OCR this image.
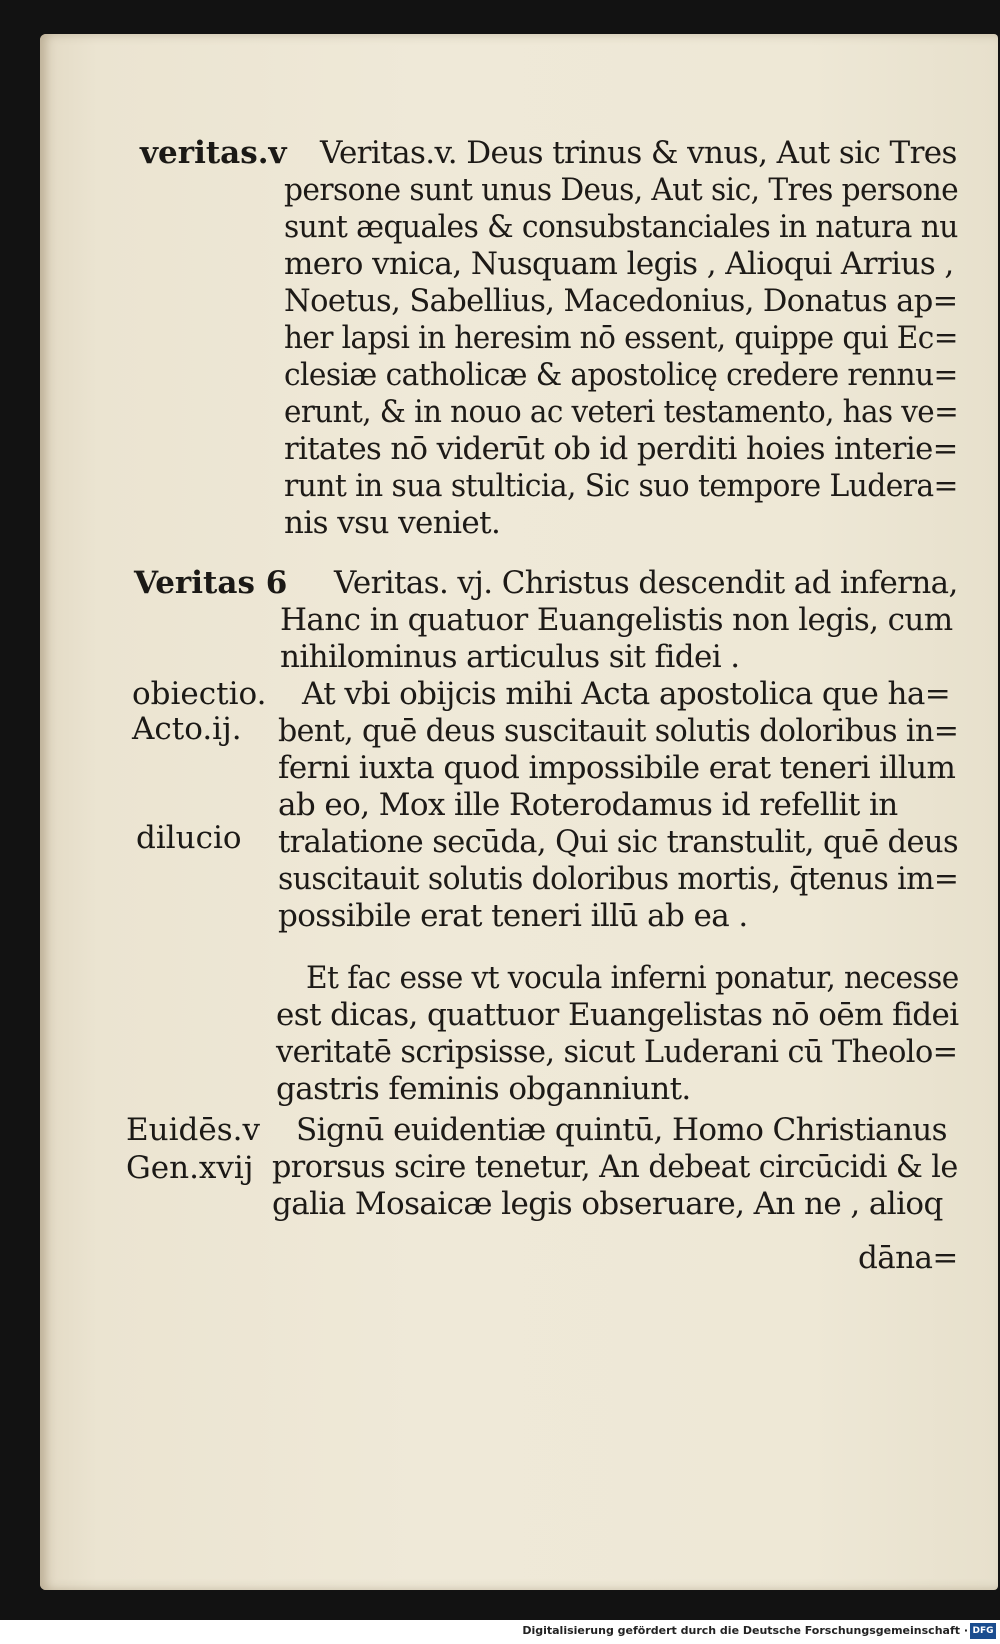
veritas.v
Veritas 6
obiectio.
Acto.ij.
dilucio
Euidēs.v
Gen.xvij
Veritas.v. Deus trinus & vnus, Aut sic Tres
persone sunt unus Deus, Aut sic, Tres persone
sunt æquales & consubstanciales in natura nu
mero vnica, Nusquam legis , Alioqui Arrius ,
Noetus, Sabellius, Macedonius, Donatus ap=
her lapsi in heresim nō essent, quippe qui Ec=
clesiæ catholicæ & apostolicę credere rennu=
erunt, & in nouo ac veteri testamento, has ve=
ritates nō viderūt ob id perditi hoies interie=
runt in sua stulticia, Sic suo tempore Ludera=
nis vsu veniet.
Veritas. vj. Christus descendit ad inferna,
Hanc in quatuor Euangelistis non legis, cum
nihilominus articulus sit fidei .
At vbi obijcis mihi Acta apostolica que ha=
bent, quē deus suscitauit solutis doloribus in=
ferni iuxta quod impossibile erat teneri illum
ab eo, Mox ille Roterodamus id refellit in
tralatione secūda, Qui sic transtulit, quē deus
suscitauit solutis doloribus mortis, q̄tenus im=
possibile erat teneri illū ab ea .
Et fac esse vt vocula inferni ponatur, necesse
est dicas, quattuor Euangelistas nō oēm fidei
veritatē scripsisse, sicut Luderani cū Theolo=
gastris feminis obganniunt.
Signū euidentiæ quintū, Homo Christianus
prorsus scire tenetur, An debeat circūcidi & le
galia Mosaicæ legis obseruare, An ne , alioq
dāna=
Digitalisierung gefördert durch die Deutsche Forschungsgemeinschaft · DFG
